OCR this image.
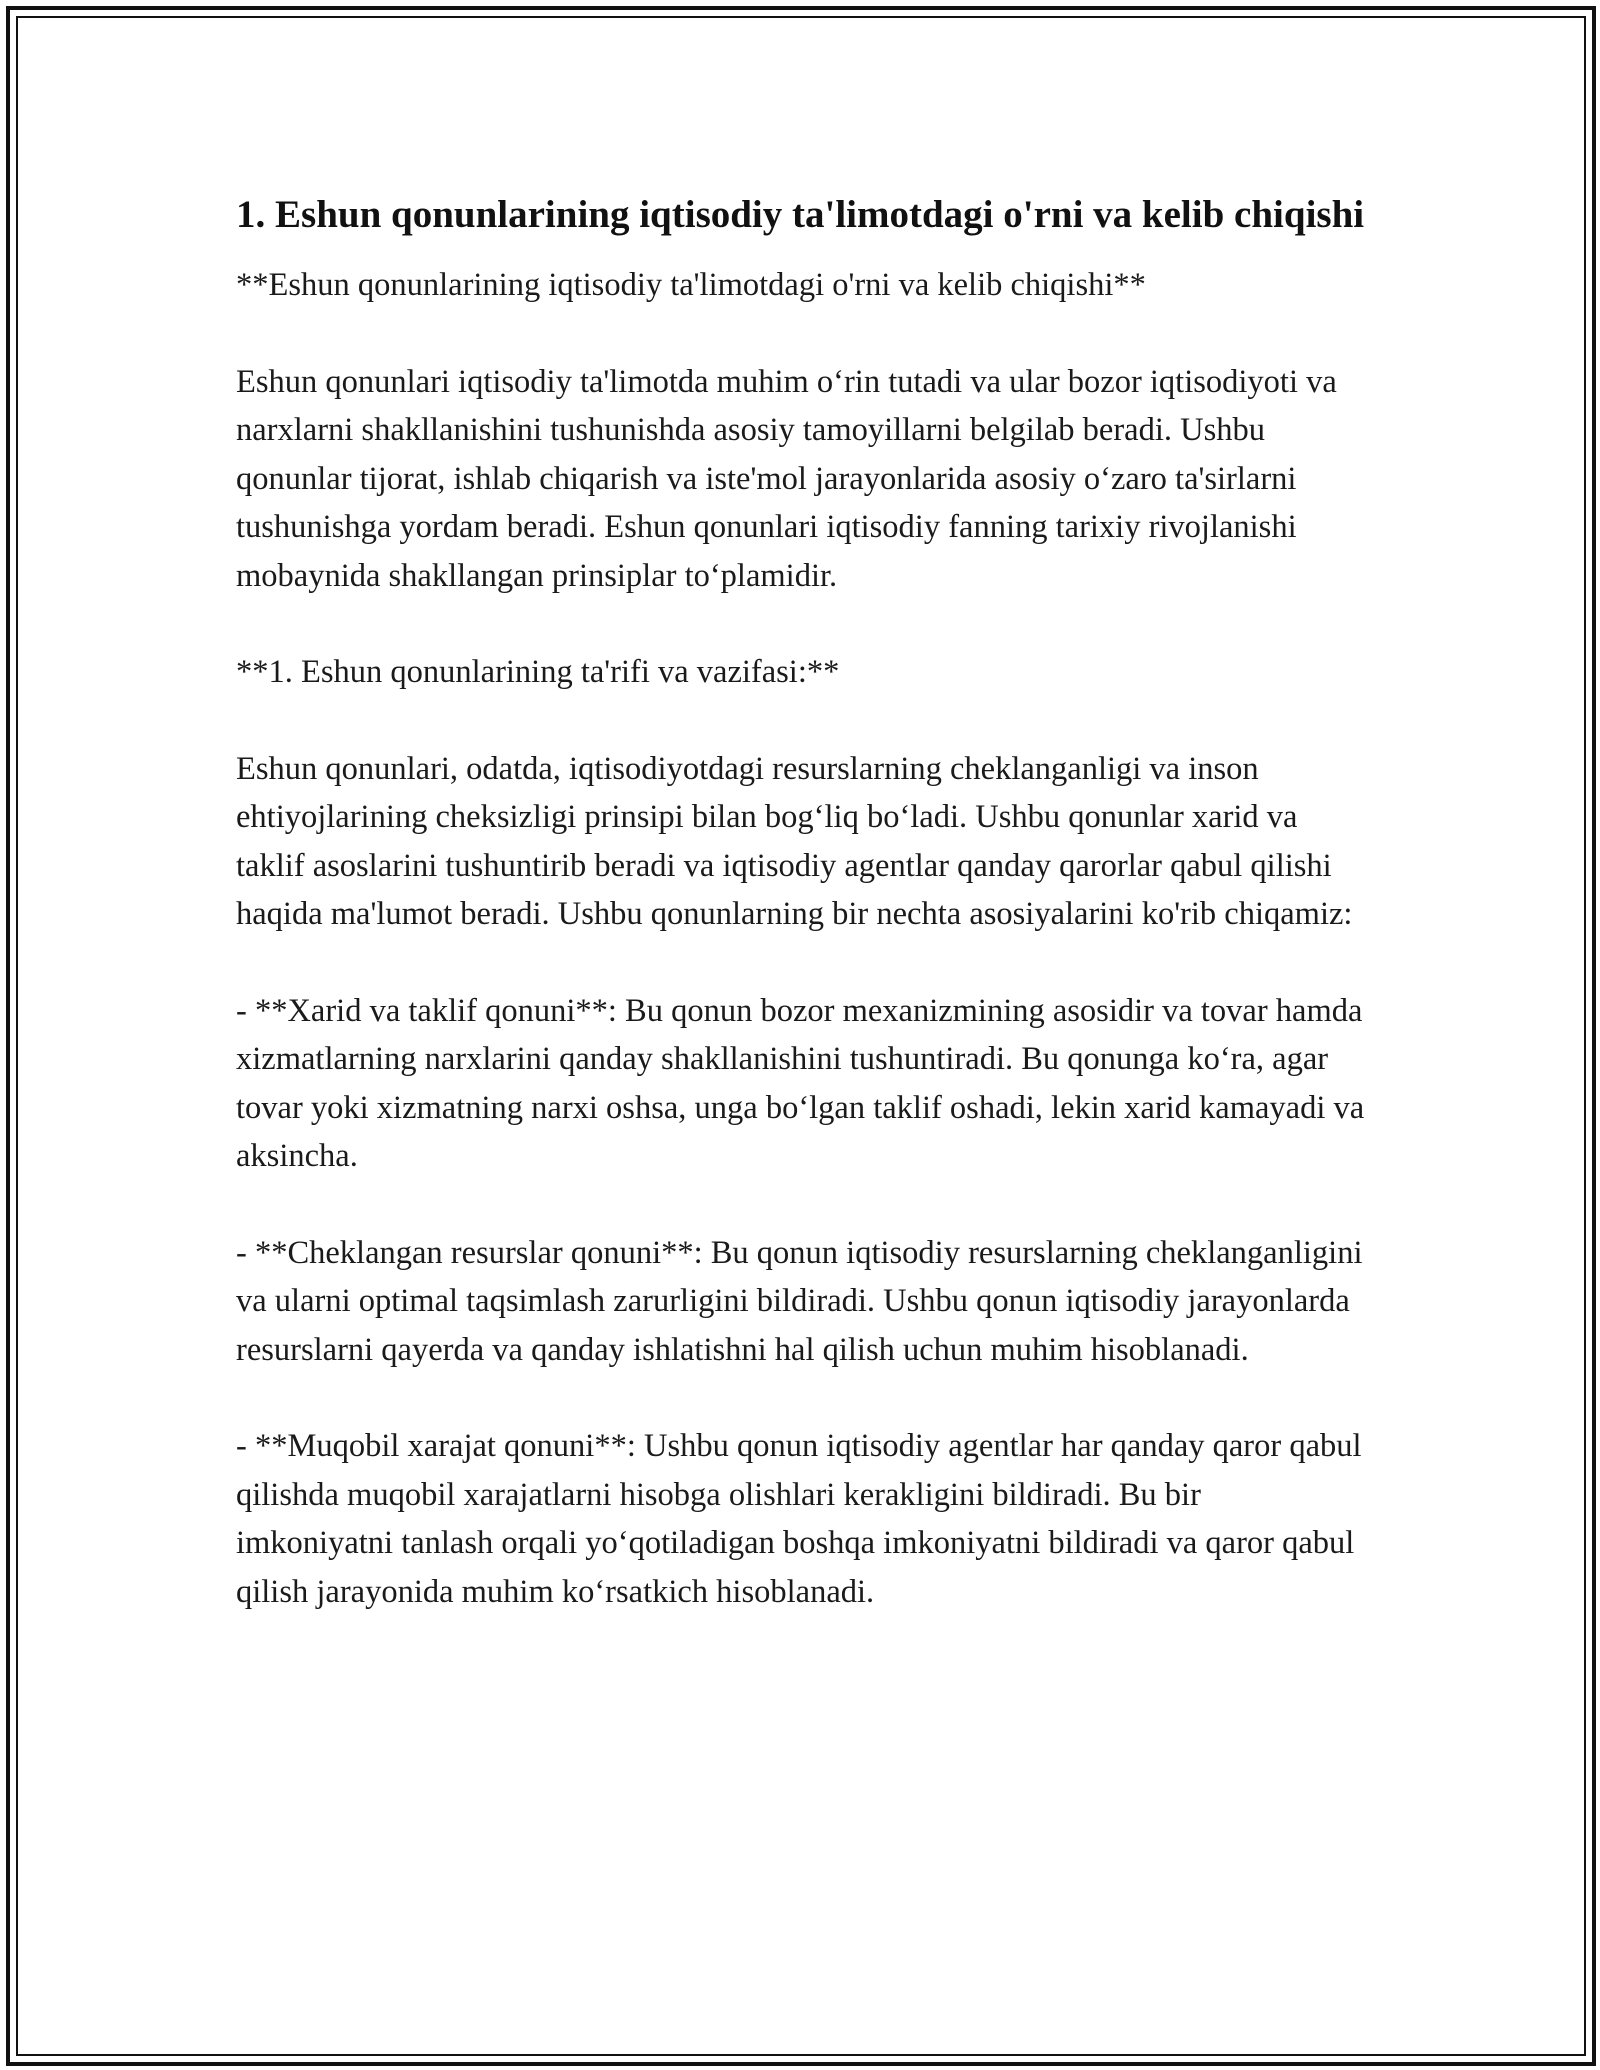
1. Eshun qonunlarining iqtisodiy ta'limotdagi o'rni va kelib chiqishi

**Eshun qonunlarining iqtisodiy ta'limotdagi o'rni va kelib chiqishi**

Eshun qonunlari iqtisodiy ta'limotda muhim o‘rin tutadi va ular bozor iqtisodiyoti va narxlarni shakllanishini tushunishda asosiy tamoyillarni belgilab beradi. Ushbu qonunlar tijorat, ishlab chiqarish va iste'mol jarayonlarida asosiy o‘zaro ta'sirlarni tushunishga yordam beradi. Eshun qonunlari iqtisodiy fanning tarixiy rivojlanishi mobaynida shakllangan prinsiplar to‘plamidir.

**1. Eshun qonunlarining ta'rifi va vazifasi:**

Eshun qonunlari, odatda, iqtisodiyotdagi resurslarning cheklanganligi va inson ehtiyojlarining cheksizligi prinsipi bilan bog‘liq bo‘ladi. Ushbu qonunlar xarid va taklif asoslarini tushuntirib beradi va iqtisodiy agentlar qanday qarorlar qabul qilishi haqida ma'lumot beradi. Ushbu qonunlarning bir nechta asosiyalarini ko'rib chiqamiz:

- **Xarid va taklif qonuni**: Bu qonun bozor mexanizmining asosidir va tovar hamda xizmatlarning narxlarini qanday shakllanishini tushuntiradi. Bu qonunga ko‘ra, agar tovar yoki xizmatning narxi oshsa, unga bo‘lgan taklif oshadi, lekin xarid kamayadi va aksincha.

- **Cheklangan resurslar qonuni**: Bu qonun iqtisodiy resurslarning cheklanganligini va ularni optimal taqsimlash zarurligini bildiradi. Ushbu qonun iqtisodiy jarayonlarda resurslarni qayerda va qanday ishlatishni hal qilish uchun muhim hisoblanadi.

- **Muqobil xarajat qonuni**: Ushbu qonun iqtisodiy agentlar har qanday qaror qabul qilishda muqobil xarajatlarni hisobga olishlari kerakligini bildiradi. Bu bir imkoniyatni tanlash orqali yo‘qotiladigan boshqa imkoniyatni bildiradi va qaror qabul qilish jarayonida muhim ko‘rsatkich hisoblanadi.
